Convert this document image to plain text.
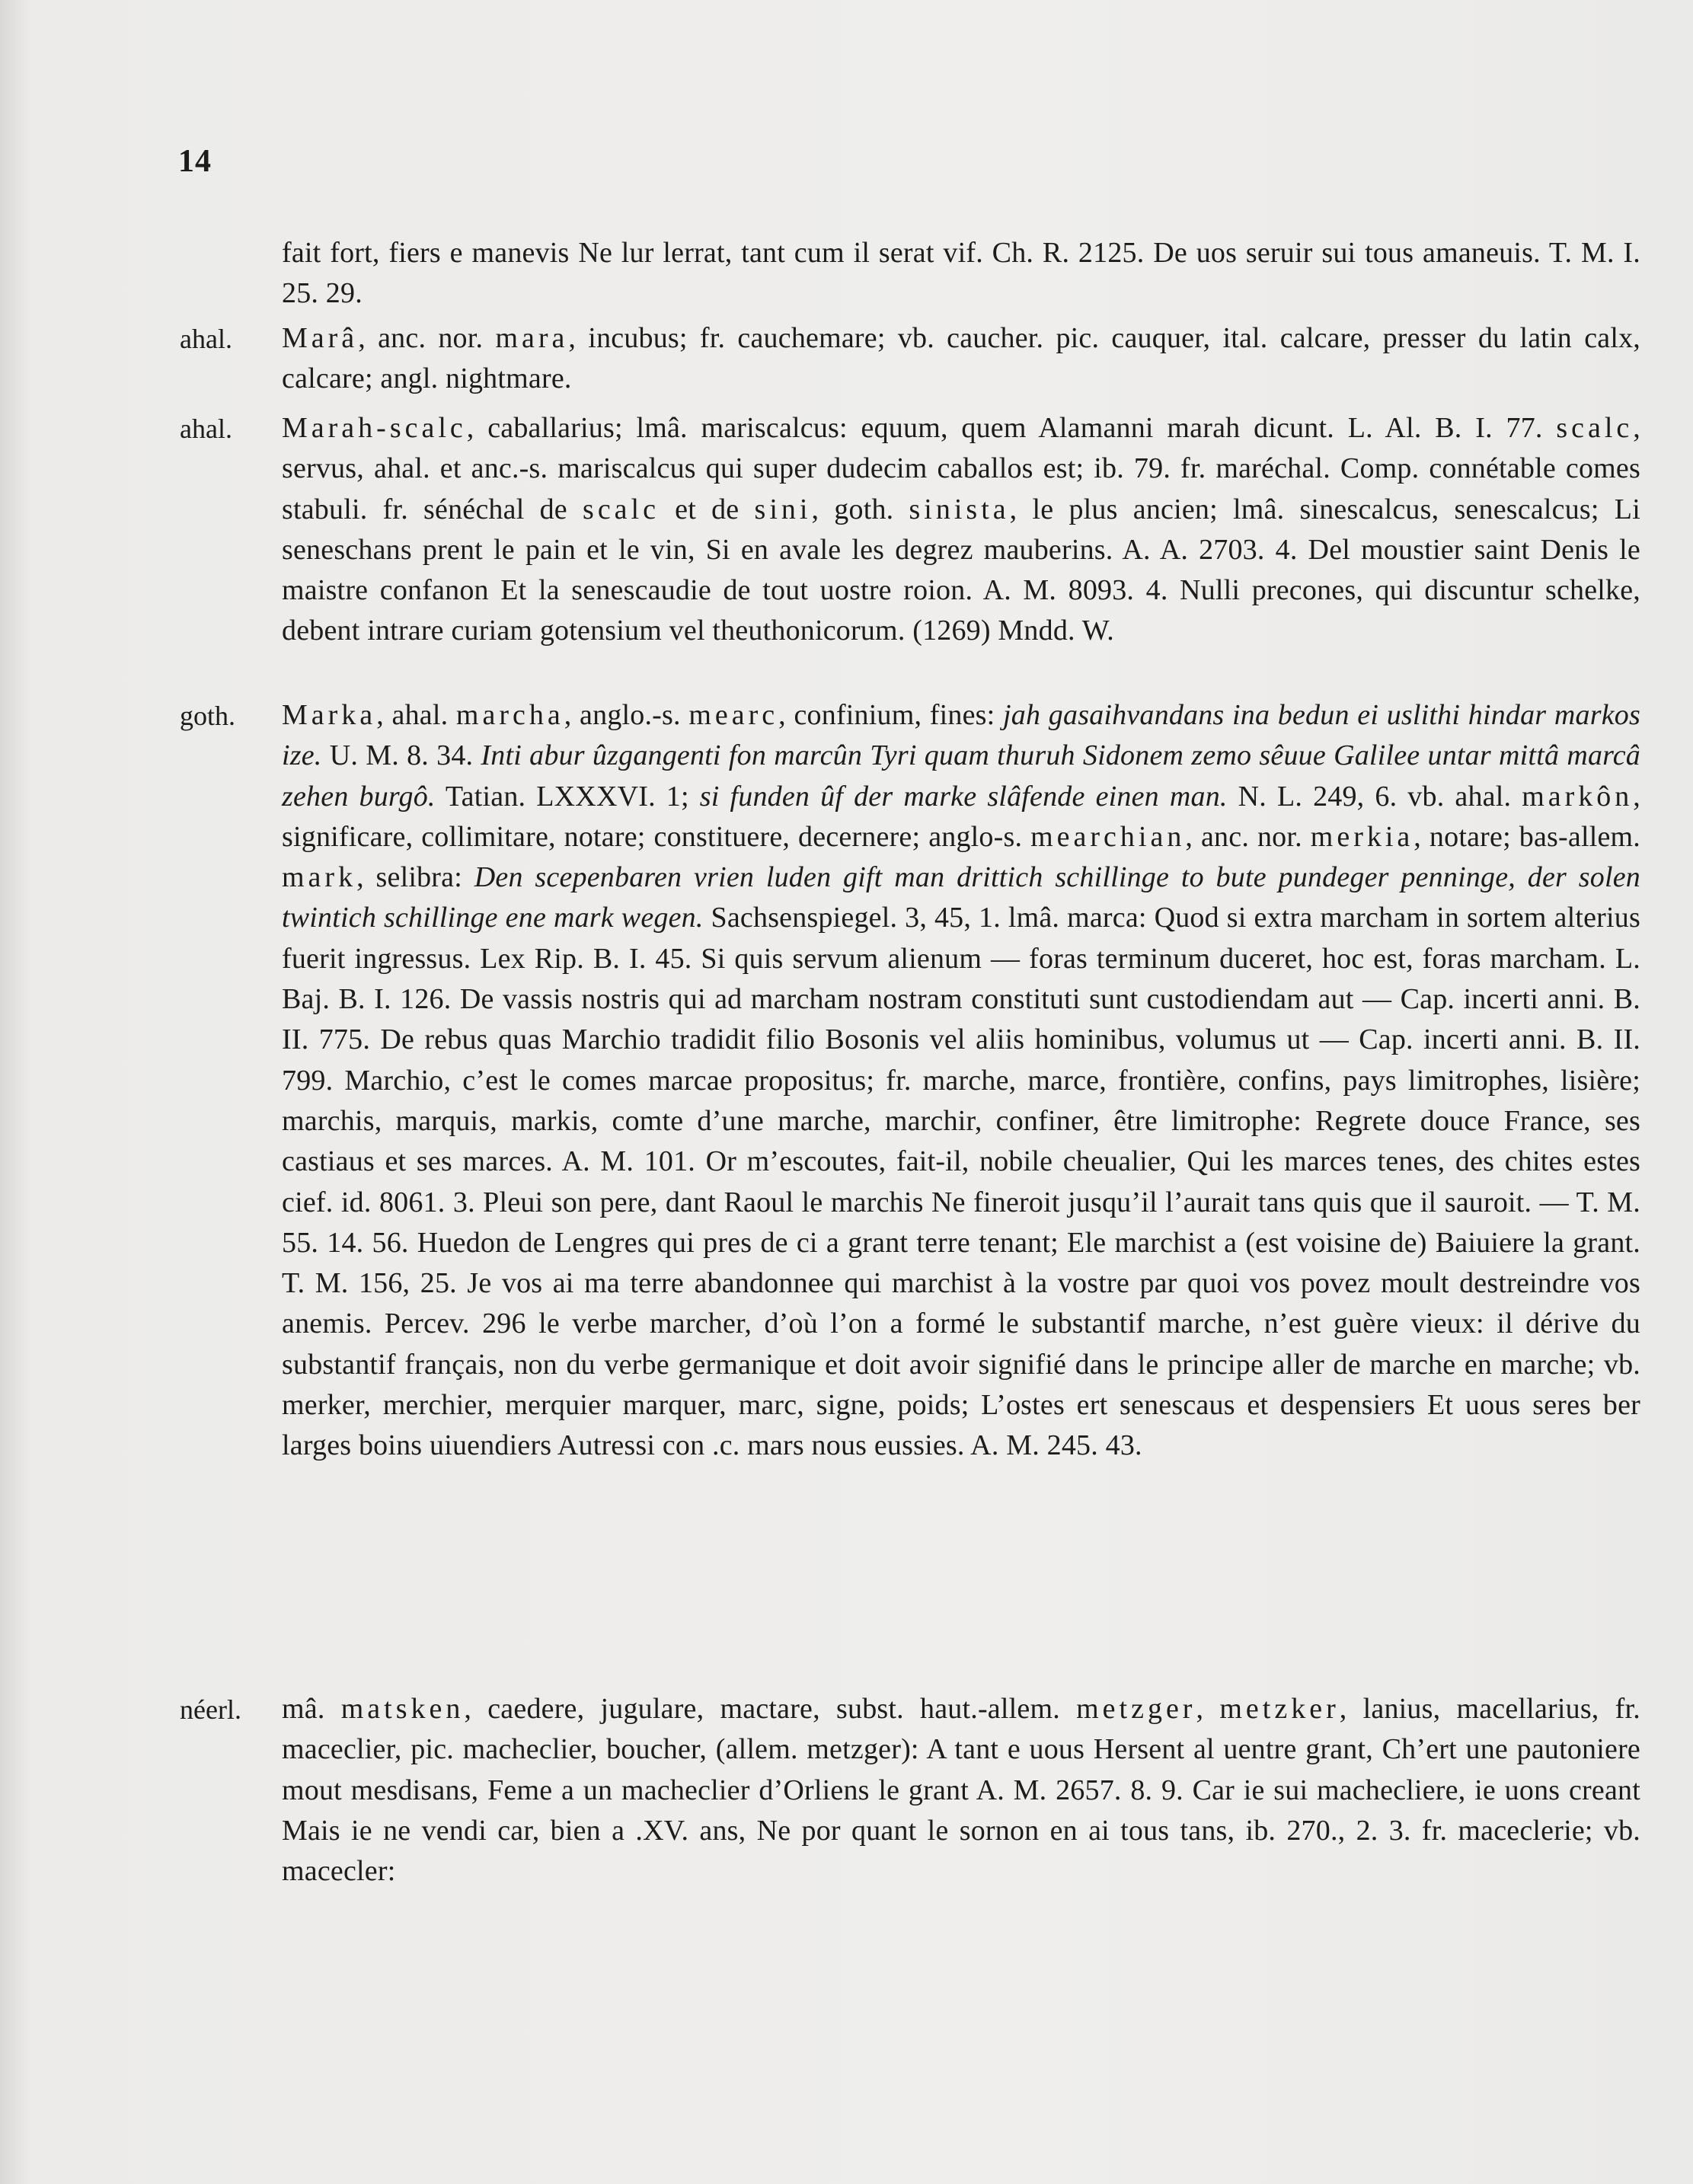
14
fait fort, fiers e manevis Ne lur lerrat, tant cum il serat vif. Ch. R. 2125. De uos seruir sui tous amaneuis. T. M. I. 25. 29.
ahal. Marâ, anc. nor. mara, incubus; fr. cauchemare; vb. caucher. pic. cauquer, ital. calcare, presser du latin calx, calcare; angl. nightmare.
ahal. Marah-scalc, caballarius; lmâ. mariscalcus: equum, quem Alamanni marah dicunt. L. Al. B. I. 77. scalc, servus, ahal. et anc.-s. mariscalcus qui super dudecim caballos est; ib. 79. fr. maréchal. Comp. connétable comes stabuli. fr. sénéchal de scalc et de sini, goth. sinista, le plus ancien; lmâ. sinescalcus, senescalcus; Li seneschans prent le pain et le vin, Si en avale les degrez mauberins. A. A. 2703. 4. Del moustier saint Denis le maistre confanon Et la senescaudie de tout uostre roion. A. M. 8093. 4. Nulli precones, qui discuntur schelke, debent intrare curiam gotensium vel theuthonicorum. (1269) Mndd. W.
goth. Marka, ahal. marcha, anglo.-s. mearc, confinium, fines: jah gasaihvandans ina bedun ei uslithi hindar markos ize. U. M. 8. 34. Inti abur ûzgangenti fon marcûn Tyri quam thuruh Sidonem zemo sêuue Galilee untar mittâ marcâ zehen burgô. Tatian. LXXXVI. 1; si funden ûf der marke slâfende einen man. N. L. 249, 6. vb. ahal. markôn, significare, collimitare, notare; constituere, decernere; anglo-s. mearchian, anc. nor. merkia, notare; bas-allem. mark, selibra: Den scepenbaren vrien luden gift man drittich schillinge to bute pundeger penninge, der solen twintich schillinge ene mark wegen. Sachsenspiegel. 3, 45, 1. lmâ. marca: Quod si extra marcham in sortem alterius fuerit ingressus. Lex Rip. B. I. 45. Si quis servum alienum — foras terminum duceret, hoc est, foras marcham. L. Baj. B. I. 126. De vassis nostris qui ad marcham nostram constituti sunt custodiendam aut — Cap. incerti anni. B. II. 775. De rebus quas Marchio tradidit filio Bosonis vel aliis hominibus, volumus ut — Cap. incerti anni. B. II. 799. Marchio, c’est le comes marcae propositus; fr. marche, marce, frontière, confins, pays limitrophes, lisière; marchis, marquis, markis, comte d’une marche, marchir, confiner, être limitrophe: Regrete douce France, ses castiaus et ses marces. A. M. 101. Or m’escoutes, fait-il, nobile cheualier, Qui les marces tenes, des chites estes cief. id. 8061. 3. Pleui son pere, dant Raoul le marchis Ne fineroit jusqu’il l’aurait tans quis que il sauroit. — T. M. 55. 14. 56. Huedon de Lengres qui pres de ci a grant terre tenant; Ele marchist a (est voisine de) Baiuiere la grant. T. M. 156, 25. Je vos ai ma terre abandonnee qui marchist à la vostre par quoi vos povez moult destreindre vos anemis. Percev. 296 le verbe marcher, d’où l’on a formé le substantif marche, n’est guère vieux: il dérive du substantif français, non du verbe germanique et doit avoir signifié dans le principe aller de marche en marche; vb. merker, merchier, merquier marquer, marc, signe, poids; L’ostes ert senescaus et despensiers Et uous seres ber larges boins uiuendiers Autressi con .c. mars nous eussies. A. M. 245. 43.
néerl. mâ. matsken, caedere, jugulare, mactare, subst. haut.-allem. metzger, metzker, lanius, macellarius, fr. maceclier, pic. macheclier, boucher, (allem. metzger): A tant e uous Hersent al uentre grant, Ch’ert une pautoniere mout mesdisans, Feme a un macheclier d’Orliens le grant A. M. 2657. 8. 9. Car ie sui machecliere, ie uons creant Mais ie ne vendi car, bien a .XV. ans, Ne por quant le sornon en ai tous tans, ib. 270., 2. 3. fr. maceclerie; vb. macecler:
